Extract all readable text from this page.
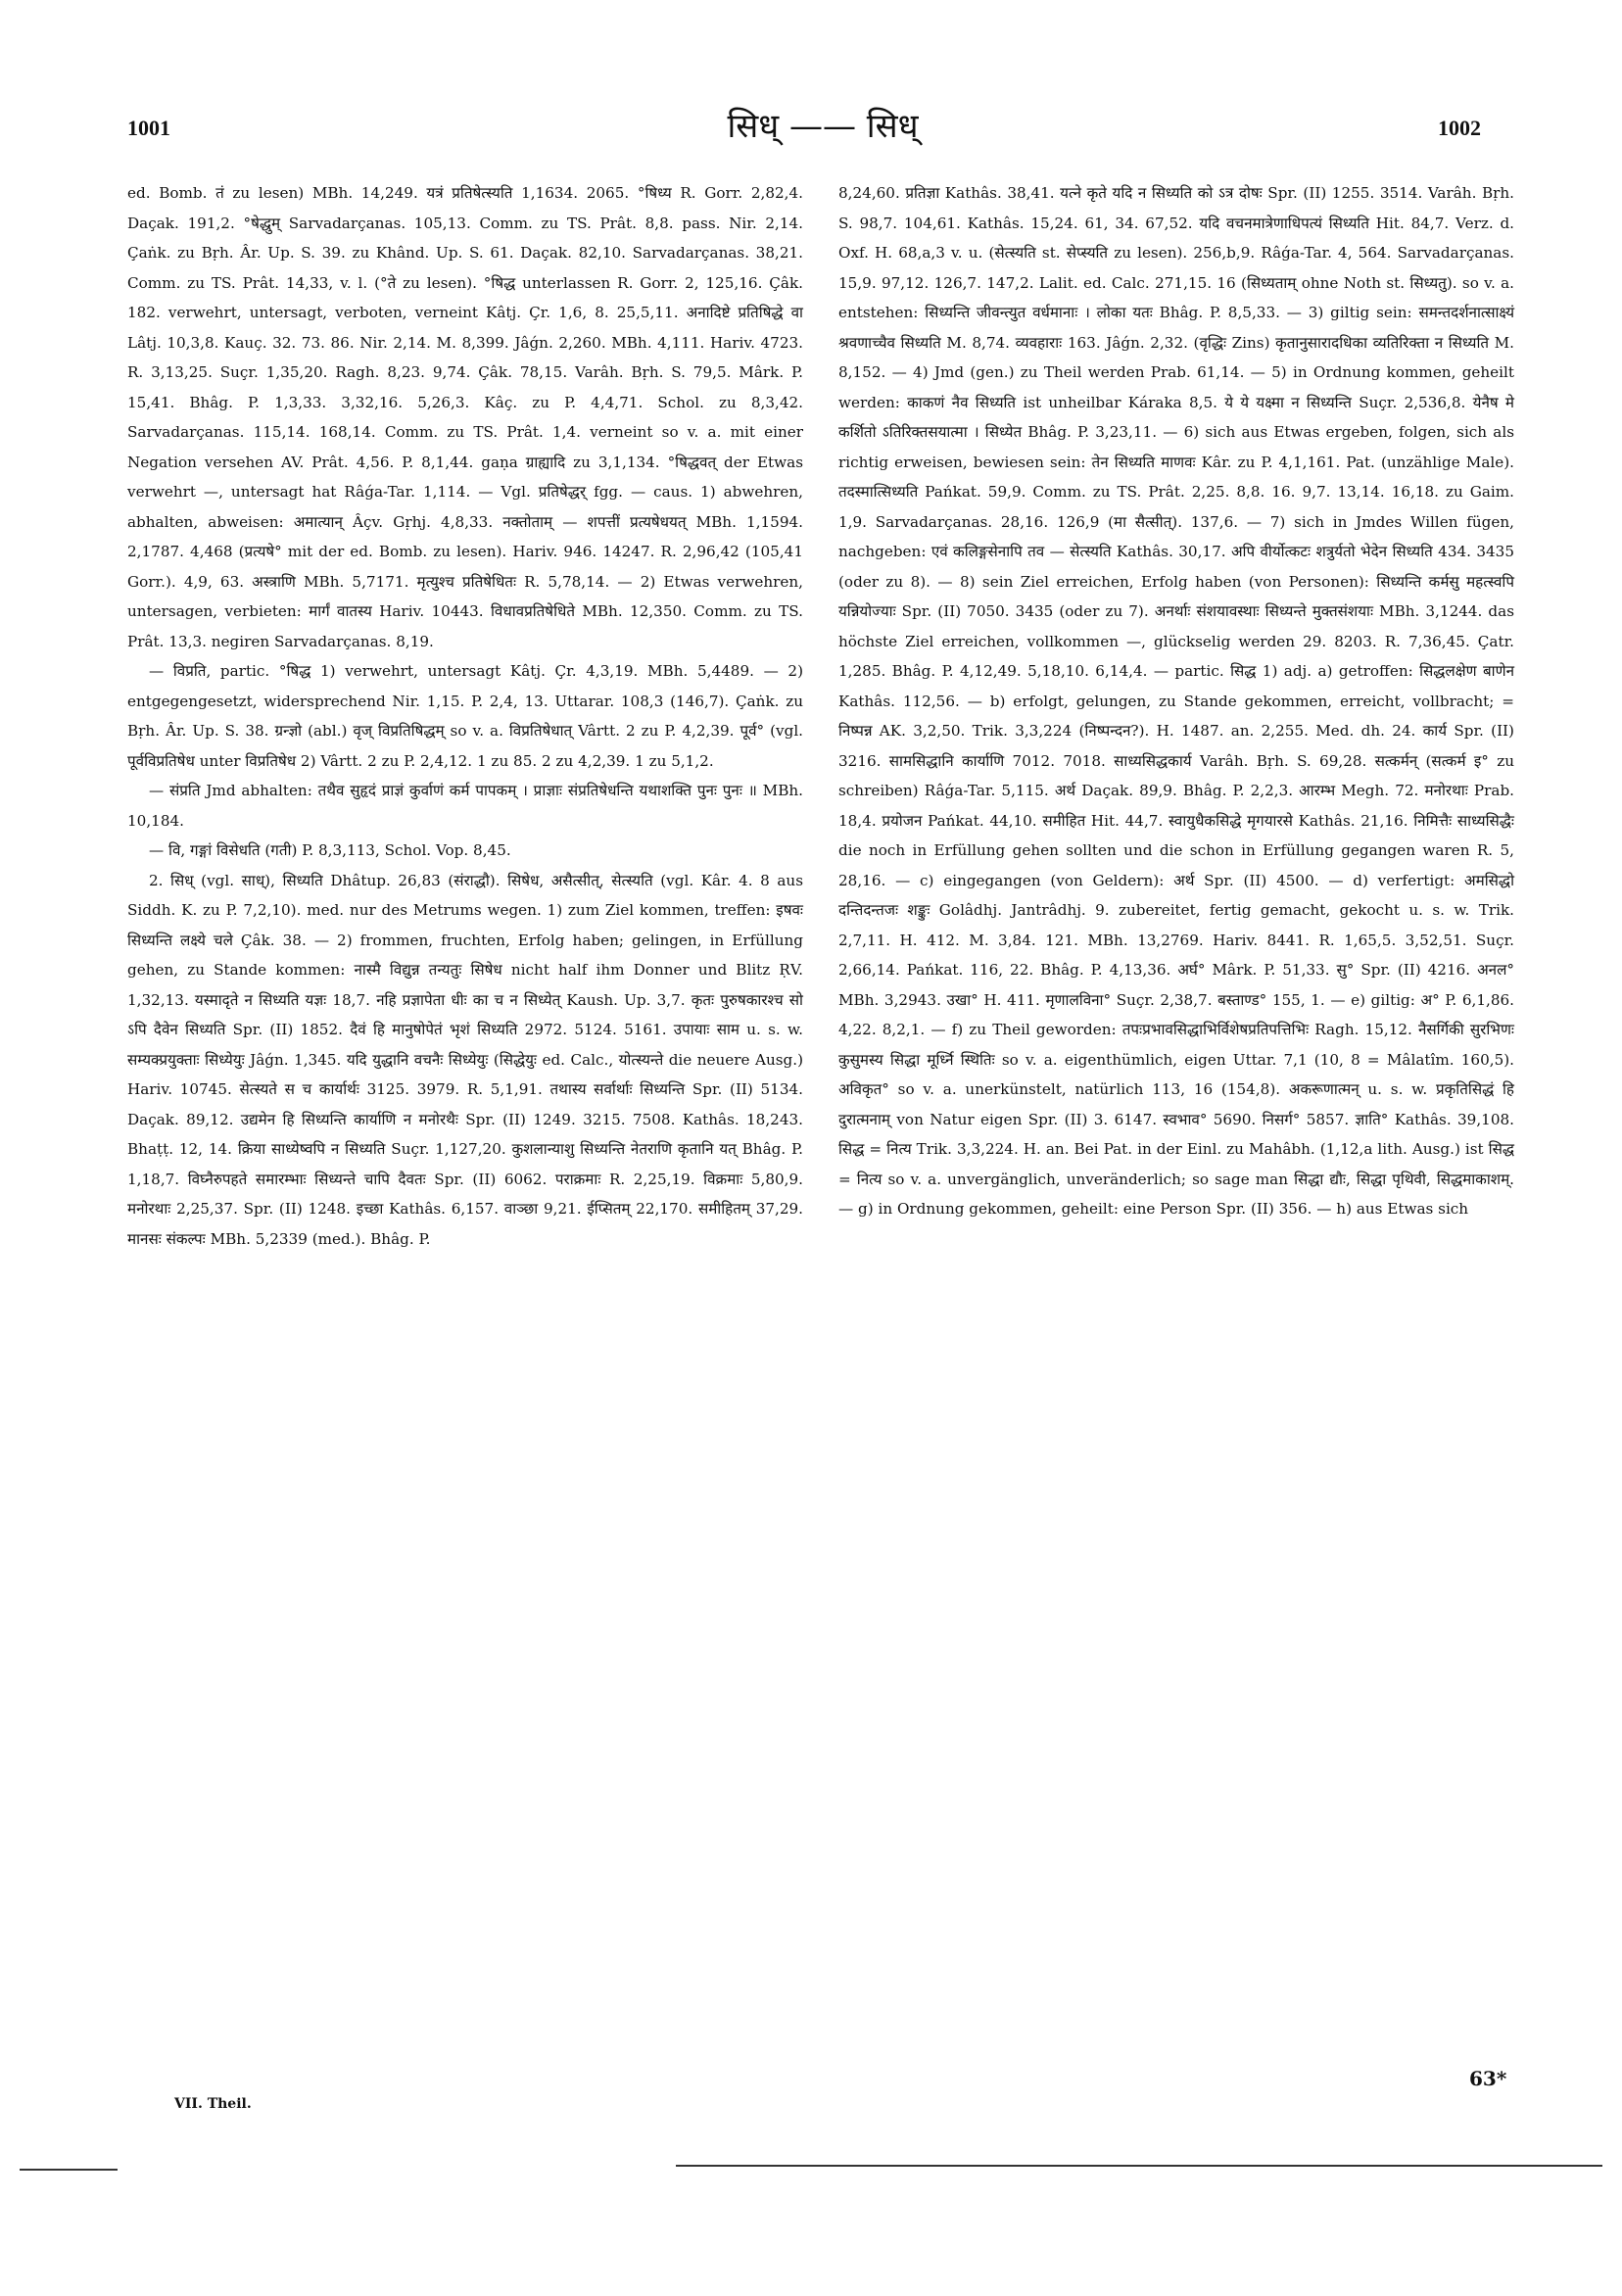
1001	सिध् —— सिध्	1002

ed. Bomb. तं zu lesen) MBh. 14,249. यत्रं प्रतिषेत्स्यति 1,1634. 2065. °षिध्य R. Gorr. 2,82,4. Daçak. 191,2. °षेद्धुम् Sarvadarçanas. 105,13. Comm. zu TS. Prât. 8,8. pass. Nir. 2,14. Çaṅk. zu Bṛh. Âr. Up. S. 39. zu Khând. Up. S. 61. Daçak. 82,10. Sarvadarçanas. 38,21. Comm. zu TS. Prât. 14,33, v. l. (°ते zu lesen). °षिद्ध unterlassen R. Gorr. 2, 125,16. Çâk. 182. verwehrt, untersagt, verboten, verneint Kâtj. Çr. 1,6, 8. 25,5,11. अनादिष्टे प्रतिषिद्धे वा Lâtj. 10,3,8. Kauç. 32. 73. 86. Nir. 2,14. M. 8,399. Jâǵn. 2,260. MBh. 4,111. Hariv. 4723. R. 3,13,25. Suçr. 1,35,20. Ragh. 8,23. 9,74. Çâk. 78,15. Varâh. Bṛh. S. 79,5. Mârk. P. 15,41. Bhâg. P. 1,3,33. 3,32,16. 5,26,3. Kâç. zu P. 4,4,71. Schol. zu 8,3,42. Sarvadarçanas. 115,14. 168,14. Comm. zu TS. Prât. 1,4. verneint so v. a. mit einer Negation versehen AV. Prât. 4,56. P. 8,1,44. gaṇa ग्राह्यादि zu 3,1,134. °षिद्धवत् der Etwas verwehrt —, untersagt hat Râǵa-Tar. 1,114. — Vgl. प्रतिषेद्धर् fgg. — caus. 1) abwehren, abhalten, abweisen: अमात्यान् Âçv. Gṛhj. 4,8,33. नक्तोताम् — शपत्तीं प्रत्यषेधयत् MBh. 1,1594. 2,1787. 4,468 (प्रत्यषे° mit der ed. Bomb. zu lesen). Hariv. 946. 14247. R. 2,96,42 (105,41 Gorr.). 4,9, 63. अस्त्राणि MBh. 5,7171. मृत्युश्च प्रतिषेधितः R. 5,78,14. — 2) Etwas verwehren, untersagen, verbieten: मार्गं वातस्य Hariv. 10443. विधावप्रतिषेधिते MBh. 12,350. Comm. zu TS. Prât. 13,3. negiren Sarvadarçanas. 8,19.

— विप्रति, partic. °षिद्ध 1) verwehrt, untersagt Kâtj. Çr. 4,3,19. MBh. 5,4489. — 2) entgegengesetzt, widersprechend Nir. 1,15. P. 2,4, 13. Uttarar. 108,3 (146,7). Çaṅk. zu Bṛh. Âr. Up. S. 38. ग्रन्ज्ञो (abl.) वृज् विप्रतिषिद्धम् so v. a. विप्रतिषेधात् Vârtt. 2 zu P. 4,2,39. पूर्व° (vgl. पूर्वविप्रतिषेध unter विप्रतिषेध 2) Vârtt. 2 zu P. 2,4,12. 1 zu 85. 2 zu 4,2,39. 1 zu 5,1,2.

— संप्रति Jmd abhalten: तथैव सुहृदं प्राज्ञं कुर्वाणं कर्म पापकम् । प्राज्ञाः संप्रतिषेधन्ति यथाशक्ति पुनः पुनः ॥ MBh. 10,184.

— वि, गङ्गां विसेधति (गती) P. 8,3,113, Schol. Vop. 8,45.

2. सिध् (vgl. साध्), सिध्यति Dhâtup. 26,83 (संराद्धौ). सिषेध, असैत्सीत्, सेत्स्यति (vgl. Kâr. 4. 8 aus Siddh. K. zu P. 7,2,10). med. nur des Metrums wegen. 1) zum Ziel kommen, treffen: इषवः सिध्यन्ति लक्ष्ये चले Çâk. 38. — 2) frommen, fruchten, Erfolg haben; gelingen, in Erfüllung gehen, zu Stande kommen: नास्मै विद्युन्न तन्यतुः सिषेध nicht half ihm Donner und Blitz ṚV. 1,32,13. यस्मादृते न सिध्यति यज्ञः 18,7. नहि प्रज्ञापेता धीः का च न सिध्येत् Kaush. Up. 3,7. कृतः पुरुषकारश्च सो ऽपि दैवेन सिध्यति Spr. (II) 1852. दैवं हि मानुषोपेतं भृशं सिध्यति 2972. 5124. 5161. उपायाः साम u. s. w. सम्यक्प्रयुक्ताः सिध्येयुः Jâǵn. 1,345. यदि युद्धानि वचनैः सिध्येयुः (सिद्धेयुः ed. Calc., योत्स्यन्ते die neuere Ausg.) Hariv. 10745. सेत्स्यते स च कार्यार्थः 3125. 3979. R. 5,1,91. तथास्य सर्वार्थाः सिध्यन्ति Spr. (II) 5134. Daçak. 89,12. उद्यमेन हि सिध्यन्ति कार्याणि न मनोरथैः Spr. (II) 1249. 3215. 7508. Kathâs. 18,243. Bhaṭṭ. 12, 14. क्रिया साध्येष्वपि न सिध्यति Suçr. 1,127,20. कुशलान्याशु सिध्यन्ति नेतराणि कृतानि यत् Bhâg. P. 1,18,7. विघ्नैरुपहते समारम्भाः सिध्यन्ते चापि दैवतः Spr. (II) 6062. पराक्रमाः R. 2,25,19. विक्रमाः 5,80,9. मनोरथाः 2,25,37. Spr. (II) 1248. इच्छा Kathâs. 6,157. वाञ्छा 9,21. ईप्सितम् 22,170. समीहितम् 37,29. मानसः संकल्पः MBh. 5,2339 (med.). Bhâg. P.

8,24,60. प्रतिज्ञा Kathâs. 38,41. यत्ने कृते यदि न सिध्यति को ऽत्र दोषः Spr. (II) 1255. 3514. Varâh. Bṛh. S. 98,7. 104,61. Kathâs. 15,24. 61, 34. 67,52. यदि वचनमात्रेणाधिपत्यं सिध्यति Hit. 84,7. Verz. d. Oxf. H. 68,a,3 v. u. (सेत्स्यति st. सेप्स्यति zu lesen). 256,b,9. Râǵa-Tar. 4, 564. Sarvadarçanas. 15,9. 97,12. 126,7. 147,2. Lalit. ed. Calc. 271,15. 16 (सिध्यताम् ohne Noth st. सिध्यतु). so v. a. entstehen: सिध्यन्ति जीवन्त्युत वर्धमानाः । लोका यतः Bhâg. P. 8,5,33. — 3) giltig sein: समन्तदर्शनात्साक्ष्यं श्रवणाच्चैव सिध्यति M. 8,74. व्यवहाराः 163. Jâǵn. 2,32. (वृद्धिः Zins) कृतानुसारादधिका व्यतिरिक्ता न सिध्यति M. 8,152. — 4) Jmd (gen.) zu Theil werden Prab. 61,14. — 5) in Ordnung kommen, geheilt werden: काकणं नैव सिध्यति ist unheilbar Káraka 8,5. ये ये यक्ष्मा न सिध्यन्ति Suçr. 2,536,8. येनैष मे कर्शितो ऽतिरिक्तसयात्मा । सिध्येत Bhâg. P. 3,23,11. — 6) sich aus Etwas ergeben, folgen, sich als richtig erweisen, bewiesen sein: तेन सिध्यति माणवः Kâr. zu P. 4,1,161. Pat. (unzählige Male). तदस्मात्सिध्यति Pańkat. 59,9. Comm. zu TS. Prât. 2,25. 8,8. 16. 9,7. 13,14. 16,18. zu Gaim. 1,9. Sarvadarçanas. 28,16. 126,9 (मा सैत्सीत्). 137,6. — 7) sich in Jmdes Willen fügen, nachgeben: एवं कलिङ्गसेनापि तव — सेत्स्यति Kathâs. 30,17. अपि वीर्योत्कटः शत्रुर्यतो भेदेन सिध्यति 434. 3435 (oder zu 8). — 8) sein Ziel erreichen, Erfolg haben (von Personen): सिध्यन्ति कर्मसु महत्स्वपि यन्नियोज्याः Spr. (II) 7050. 3435 (oder zu 7). अनर्थाः संशयावस्थाः सिध्यन्ते मुक्तसंशयाः MBh. 3,1244. das höchste Ziel erreichen, vollkommen —, glückselig werden 29. 8203. R. 7,36,45. Çatr. 1,285. Bhâg. P. 4,12,49. 5,18,10. 6,14,4. — partic. सिद्ध 1) adj. a) getroffen: सिद्धलक्षेण बाणेन Kathâs. 112,56. — b) erfolgt, gelungen, zu Stande gekommen, erreicht, vollbracht; = निष्पन्न AK. 3,2,50. Trik. 3,3,224 (निष्पन्दन?). H. 1487. an. 2,255. Med. dh. 24. कार्य Spr. (II) 3216. सामसिद्धानि कार्याणि 7012. 7018. साध्यसिद्धकार्य Varâh. Bṛh. S. 69,28. सत्कर्मन् (सत्कर्म इ° zu schreiben) Râǵa-Tar. 5,115. अर्थ Daçak. 89,9. Bhâg. P. 2,2,3. आरम्भ Megh. 72. मनोरथाः Prab. 18,4. प्रयोजन Pańkat. 44,10. समीहित Hit. 44,7. स्वायुधैकसिद्धे मृगयारसे Kathâs. 21,16. निमित्तैः साध्यसिद्धैः die noch in Erfüllung gehen sollten und die schon in Erfüllung gegangen waren R. 5, 28,16. — c) eingegangen (von Geldern): अर्थ Spr. (II) 4500. — d) verfertigt: अमसिद्धो दन्तिदन्तजः शङ्कुः Golâdhj. Jantrâdhj. 9. zubereitet, fertig gemacht, gekocht u. s. w. Trik. 2,7,11. H. 412. M. 3,84. 121. MBh. 13,2769. Hariv. 8441. R. 1,65,5. 3,52,51. Suçr. 2,66,14. Pańkat. 116, 22. Bhâg. P. 4,13,36. अर्घ° Mârk. P. 51,33. सु° Spr. (II) 4216. अनल° MBh. 3,2943. उखा° H. 411. मृणालविना° Suçr. 2,38,7. बस्ताण्ड° 155, 1. — e) giltig: अ° P. 6,1,86. 4,22. 8,2,1. — f) zu Theil geworden: तपःप्रभावसिद्धाभिर्विशेषप्रतिपत्तिभिः Ragh. 15,12. नैसर्गिकी सुरभिणः कुसुमस्य सिद्धा मूर्ध्नि स्थितिः so v. a. eigenthümlich, eigen Uttar. 7,1 (10, 8 = Mâlatîm. 160,5). अविकृत° so v. a. unerkünstelt, natürlich 113, 16 (154,8). अकरूणात्मन् u. s. w. प्रकृतिसिद्धं हि दुरात्मनाम् von Natur eigen Spr. (II) 3. 6147. स्वभाव° 5690. निसर्ग° 5857. ज्ञाति° Kathâs. 39,108. सिद्ध = नित्य Trik. 3,3,224. H. an. Bei Pat. in der Einl. zu Mahâbh. (1,12,a lith. Ausg.) ist सिद्ध = नित्य so v. a. unvergänglich, unveränderlich; so sage man सिद्धा द्यौः, सिद्धा पृथिवी, सिद्धमाकाशम्. — g) in Ordnung gekommen, geheilt: eine Person Spr. (II) 356. — h) aus Etwas sich

VII. Theil.
63*
